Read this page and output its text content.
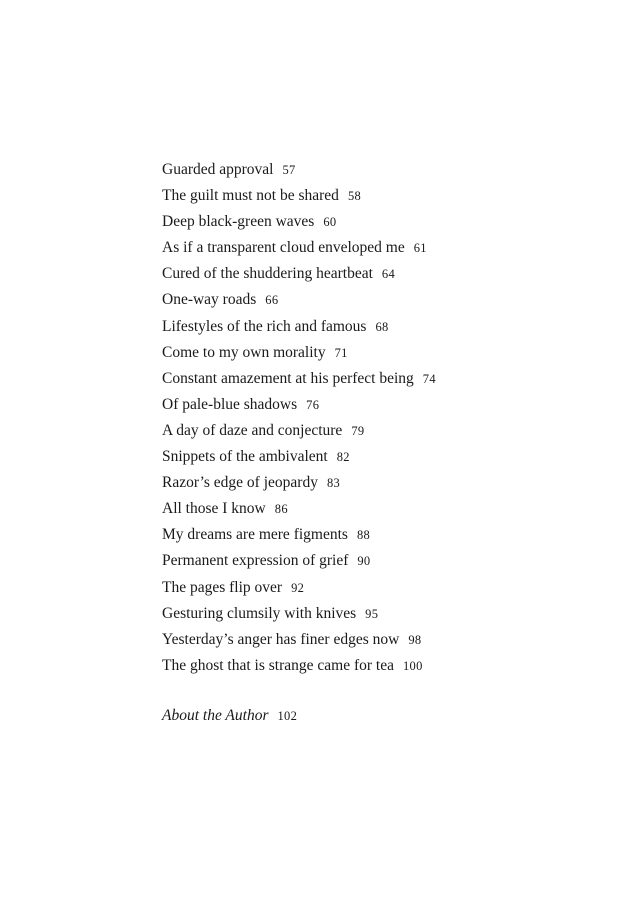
Guarded approval 57
The guilt must not be shared 58
Deep black-green waves 60
As if a transparent cloud enveloped me 61
Cured of the shuddering heartbeat 64
One-way roads 66
Lifestyles of the rich and famous 68
Come to my own morality 71
Constant amazement at his perfect being 74
Of pale-blue shadows 76
A day of daze and conjecture 79
Snippets of the ambivalent 82
Razor’s edge of jeopardy 83
All those I know 86
My dreams are mere figments 88
Permanent expression of grief 90
The pages flip over 92
Gesturing clumsily with knives 95
Yesterday’s anger has finer edges now 98
The ghost that is strange came for tea 100
About the Author 102
